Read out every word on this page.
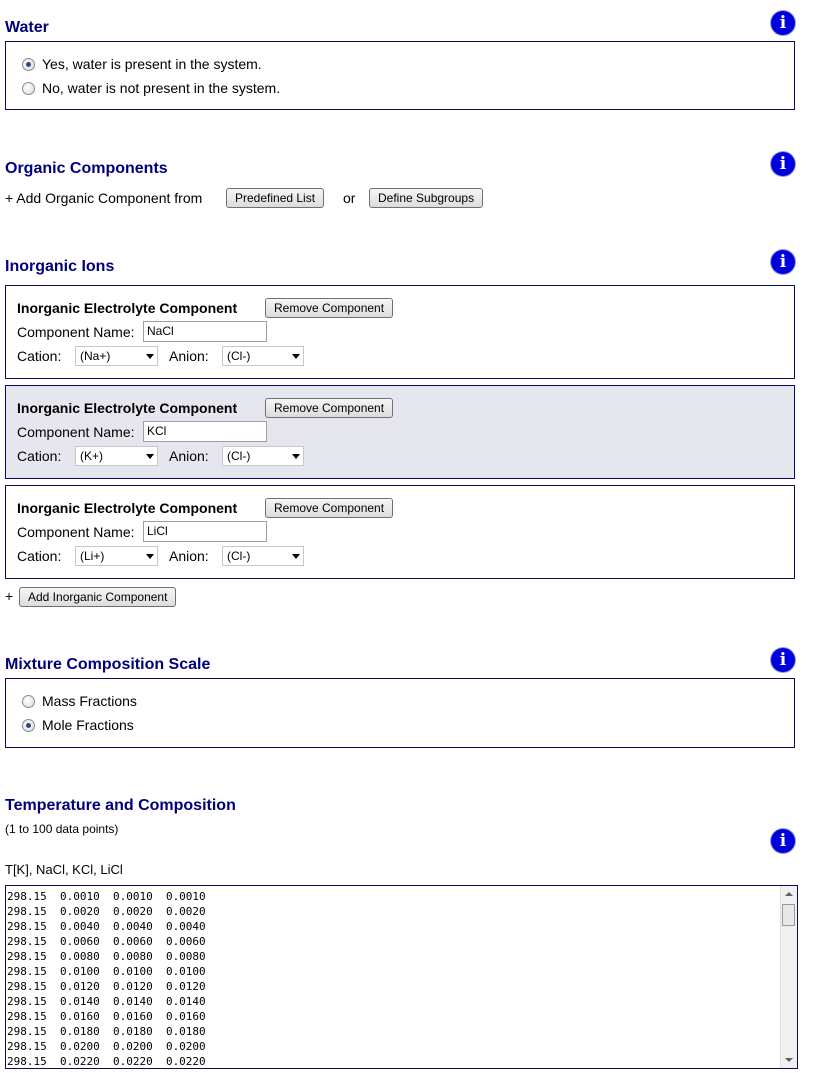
Water	i
Yes, water is present in the system.
No, water is not present in the system.
Organic Components	i
+ Add Organic Component from	Predefined List	or	Define Subgroups
Inorganic Ions	i
Inorganic Electrolyte Component	Remove Component
Component Name:	NaCl
Cation:	(Na+)	Anion:	(Cl-)
Inorganic Electrolyte Component	Remove Component
Component Name:	KCl
Cation:	(K+)	Anion:	(Cl-)
Inorganic Electrolyte Component	Remove Component
Component Name:	LiCl
Cation:	(Li+)	Anion:	(Cl-)
+	Add Inorganic Component
Mixture Composition Scale	i
Mass Fractions
Mole Fractions
Temperature and Composition
(1 to 100 data points)
i
T[K], NaCl, KCl, LiCl
298.15  0.0010  0.0010  0.0010
298.15  0.0020  0.0020  0.0020
298.15  0.0040  0.0040  0.0040
298.15  0.0060  0.0060  0.0060
298.15  0.0080  0.0080  0.0080
298.15  0.0100  0.0100  0.0100
298.15  0.0120  0.0120  0.0120
298.15  0.0140  0.0140  0.0140
298.15  0.0160  0.0160  0.0160
298.15  0.0180  0.0180  0.0180
298.15  0.0200  0.0200  0.0200
298.15  0.0220  0.0220  0.0220
